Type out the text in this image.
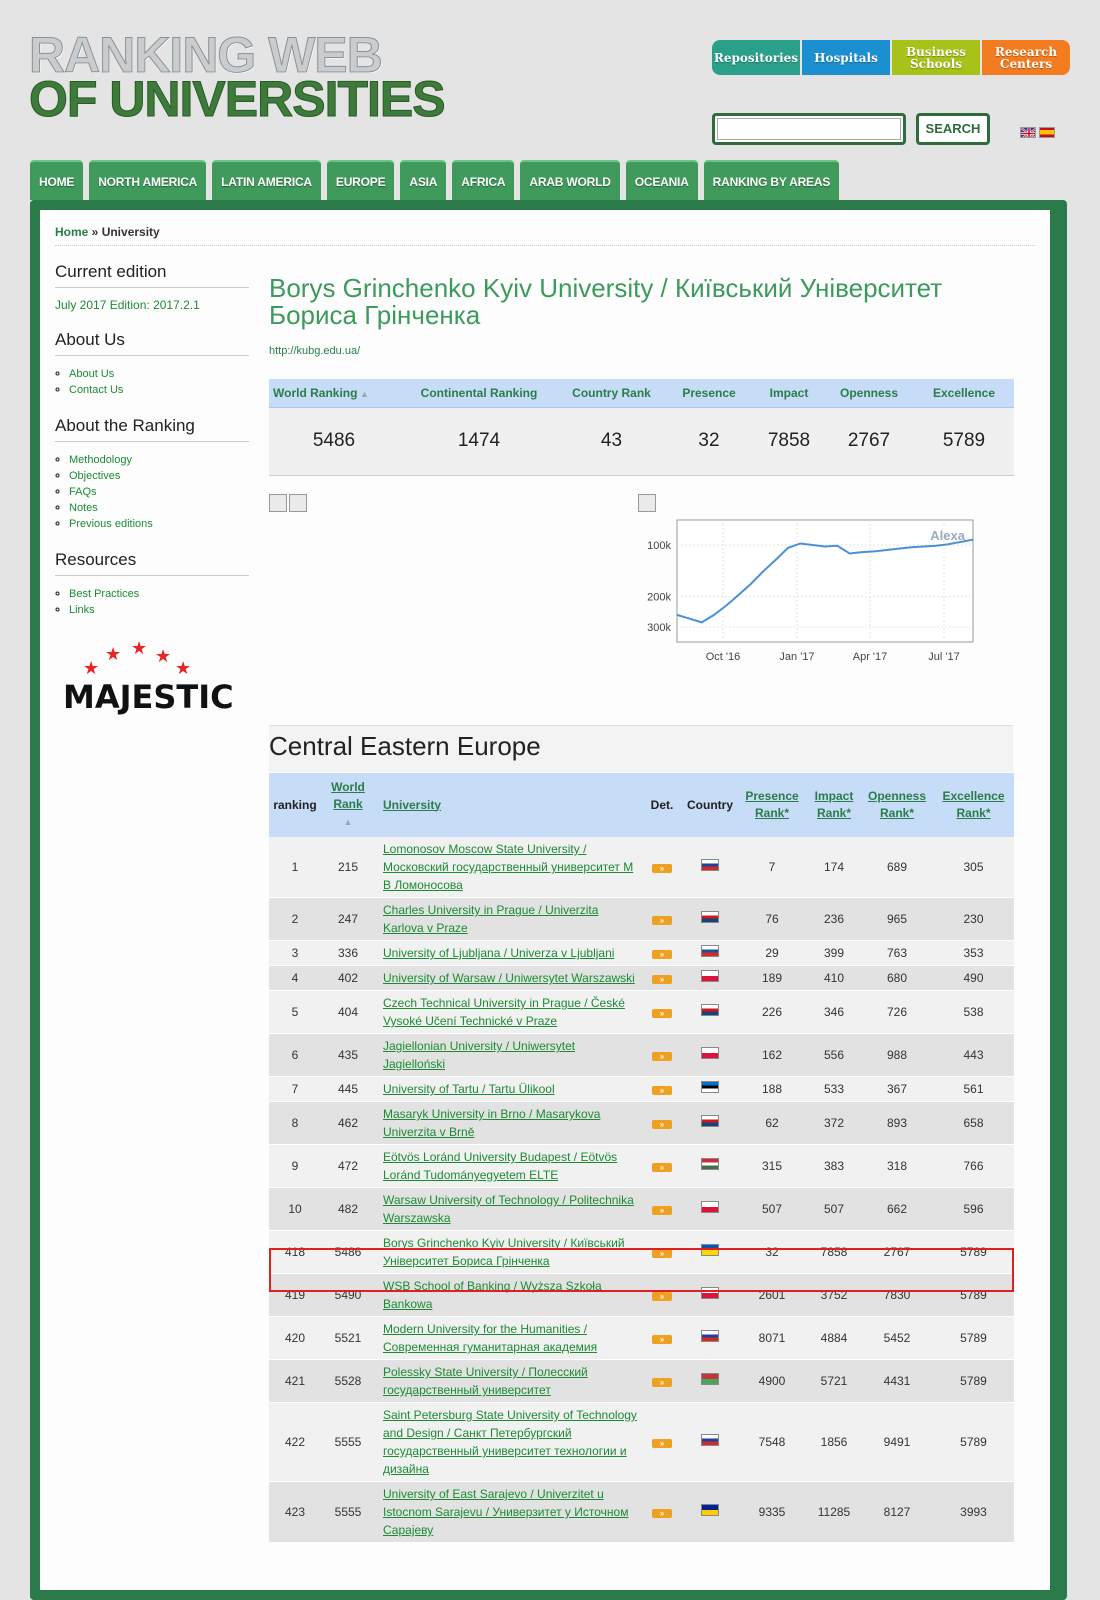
RANKING WEB
OF UNIVERSITIES
Repositories	Hospitals	Business Schools
Research Centers
SEARCH
HOME	NORTH AMERICA	LATIN AMERICA	EUROPE	ASIA	AFRICA	ARAB WORLD	OCEANIA	RANKING BY AREAS
Home » University
Current edition
July 2017 Edition: 2017.2.1
About Us
◦ About Us
◦ Contact Us
About the Ranking
◦ Methodology
◦ Objectives
◦ FAQs
◦ Notes
◦ Previous editions
Resources
◦ Best Practices
◦ Links
★
★ ★ ★
★
MAJESTIC
Borys Grinchenko Kyiv University / Київський Університет Бориса Грінченка
http://kubg.edu.ua/
World Ranking ▲	Continental Ranking	Country Rank	Presence	Impact	Openness	Excellence
5486	1474	43	32	7858	2767	5789
100k
200k
300k
Oct '16	Jan '17	Apr '17	Jul '17
Alexa
Central Eastern Europe
ranking	World Rank
▲	University	Det.	Country	Presence Rank*	Impact Rank*	Openness Rank*	Excellence Rank*
1	215	Lomonosov Moscow State University / Московский государственный университет М В Ломоносова	»		7	174	689	305
2	247	Charles University in Prague / Univerzita Karlova v Praze	»		76	236	965	230
3	336	University of Ljubljana / Univerza v Ljubljani	»		29	399	763	353
4	402	University of Warsaw / Uniwersytet Warszawski	»		189	410	680	490
5	404	Czech Technical University in Prague / České Vysoké Učení Technické v Praze	»		226	346	726	538
6	435	Jagiellonian University / Uniwersytet Jagielloński	»		162	556	988	443
7	445	University of Tartu / Tartu Ülikool	»		188	533	367	561
8	462	Masaryk University in Brno / Masarykova Univerzita v Brně	»		62	372	893	658
9	472	Eötvös Loránd University Budapest / Eötvös Loránd Tudományegyetem ELTE	»		315	383	318	766
10	482	Warsaw University of Technology / Politechnika Warszawska	»		507	507	662	596
418	5486	Borys Grinchenko Kyiv University / Київський Університет Бориса Грінченка	»		32	7858	2767	5789
419	5490	WSB School of Banking / Wyższa Szkoła Bankowa	»		2601	3752	7830	5789
420	5521	Modern University for the Humanities / Современная гуманитарная академия	»		8071	4884	5452	5789
421	5528	Polessky State University / Полесский государственный университет	»		4900	5721	4431	5789
422	5555	Saint Petersburg State University of Technology and Design / Санкт Петербургский государственный университет технологии и дизайна	»		7548	1856	9491	5789
423	5555	University of East Sarajevo / Univerzitet u Istocnom Sarajevu / Универзитет у Источном Сарајеву	»		9335	11285	8127	3993
